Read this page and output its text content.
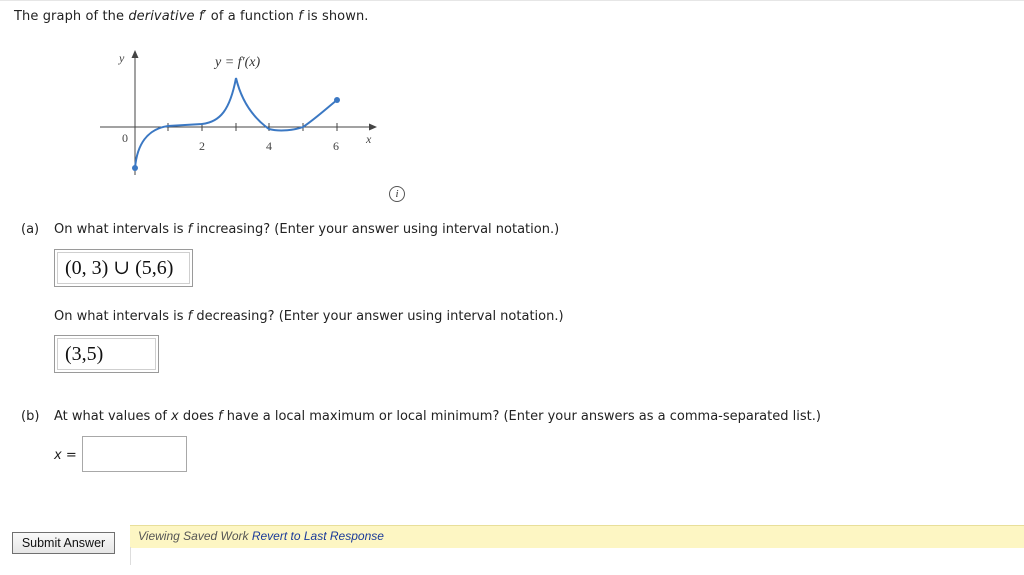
The graph of the derivative f′ of a function f is shown.
y
x
y = f′(x)
0
2	4	6
i
(a) On what intervals is f increasing? (Enter your answer using interval notation.)
(0, 3) ∪ (5,6)
On what intervals is f decreasing? (Enter your answer using interval notation.)
(3,5)
(b) At what values of x does f have a local maximum or local minimum? (Enter your answers as a comma-separated list.)
x =
Viewing Saved Work Revert to Last Response
Submit Answer
